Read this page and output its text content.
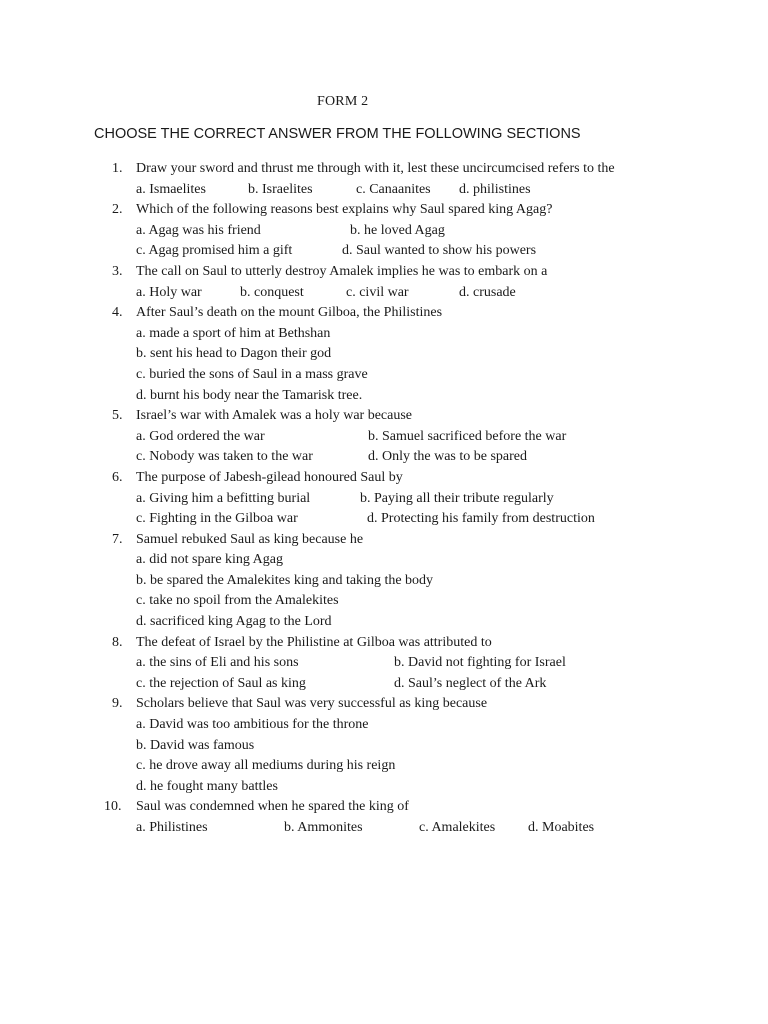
FORM 2
CHOOSE THE CORRECT ANSWER FROM THE FOLLOWING SECTIONS
1. Draw your sword and thrust me through with it, lest these uncircumcised refers to the
a. Ismaelites	b. Israelites	c. Canaanites d. philistines
2. Which of the following reasons best explains why Saul spared king Agag?
a. Agag was his friend	b. he loved Agag
c. Agag promised him a gift	d. Saul wanted to show his powers
3. The call on Saul to utterly destroy Amalek implies he was to embark on a
a. Holy war	b. conquest	c. civil war	d. crusade
4. After Saul’s death on the mount Gilboa, the Philistines
a. made a sport of him at Bethshan
b. sent his head to Dagon their god
c. buried the sons of Saul in a mass grave
d. burnt his body near the Tamarisk tree.
5. Israel’s war with Amalek was a holy war because
a. God ordered the war	b. Samuel sacrificed before the war
c. Nobody was taken to the war	d. Only the was to be spared
6. The purpose of Jabesh-gilead honoured Saul by
a. Giving him a befitting burial	b. Paying all their tribute regularly
c. Fighting in the Gilboa war	d. Protecting his family from destruction
7. Samuel rebuked Saul as king because he
a. did not spare king Agag
b. be spared the Amalekites king and taking the body
c. take no spoil from the Amalekites
d. sacrificed king Agag to the Lord
8. The defeat of Israel by the Philistine at Gilboa was attributed to
a. the sins of Eli and his sons	b. David not fighting for Israel
c. the rejection of Saul as king	d. Saul’s neglect of the Ark
9. Scholars believe that Saul was very successful as king because
a. David was too ambitious for the throne
b. David was famous
c. he drove away all mediums during his reign
d. he fought many battles
10. Saul was condemned when he spared the king of
a. Philistines	b. Ammonites	c. Amalekites d. Moabites
